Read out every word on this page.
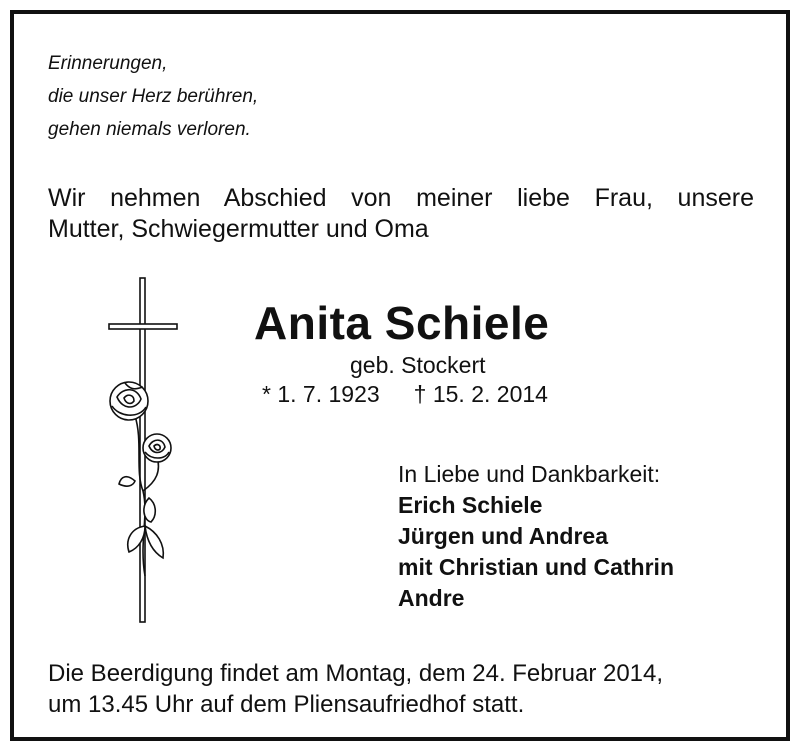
Erinnerungen,
die unser Herz berühren,
gehen niemals verloren.
Wir nehmen Abschied von meiner liebe Frau, unsere
Mutter, Schwiegermutter und Oma
Anita Schiele
geb. Stockert
* 1. 7. 1923 † 15. 2. 2014
In Liebe und Dankbarkeit:
Erich Schiele
Jürgen und Andrea
mit Christian und Cathrin
Andre
Die Beerdigung findet am Montag, dem 24. Februar 2014,
um 13.45 Uhr auf dem Pliensaufriedhof statt.
